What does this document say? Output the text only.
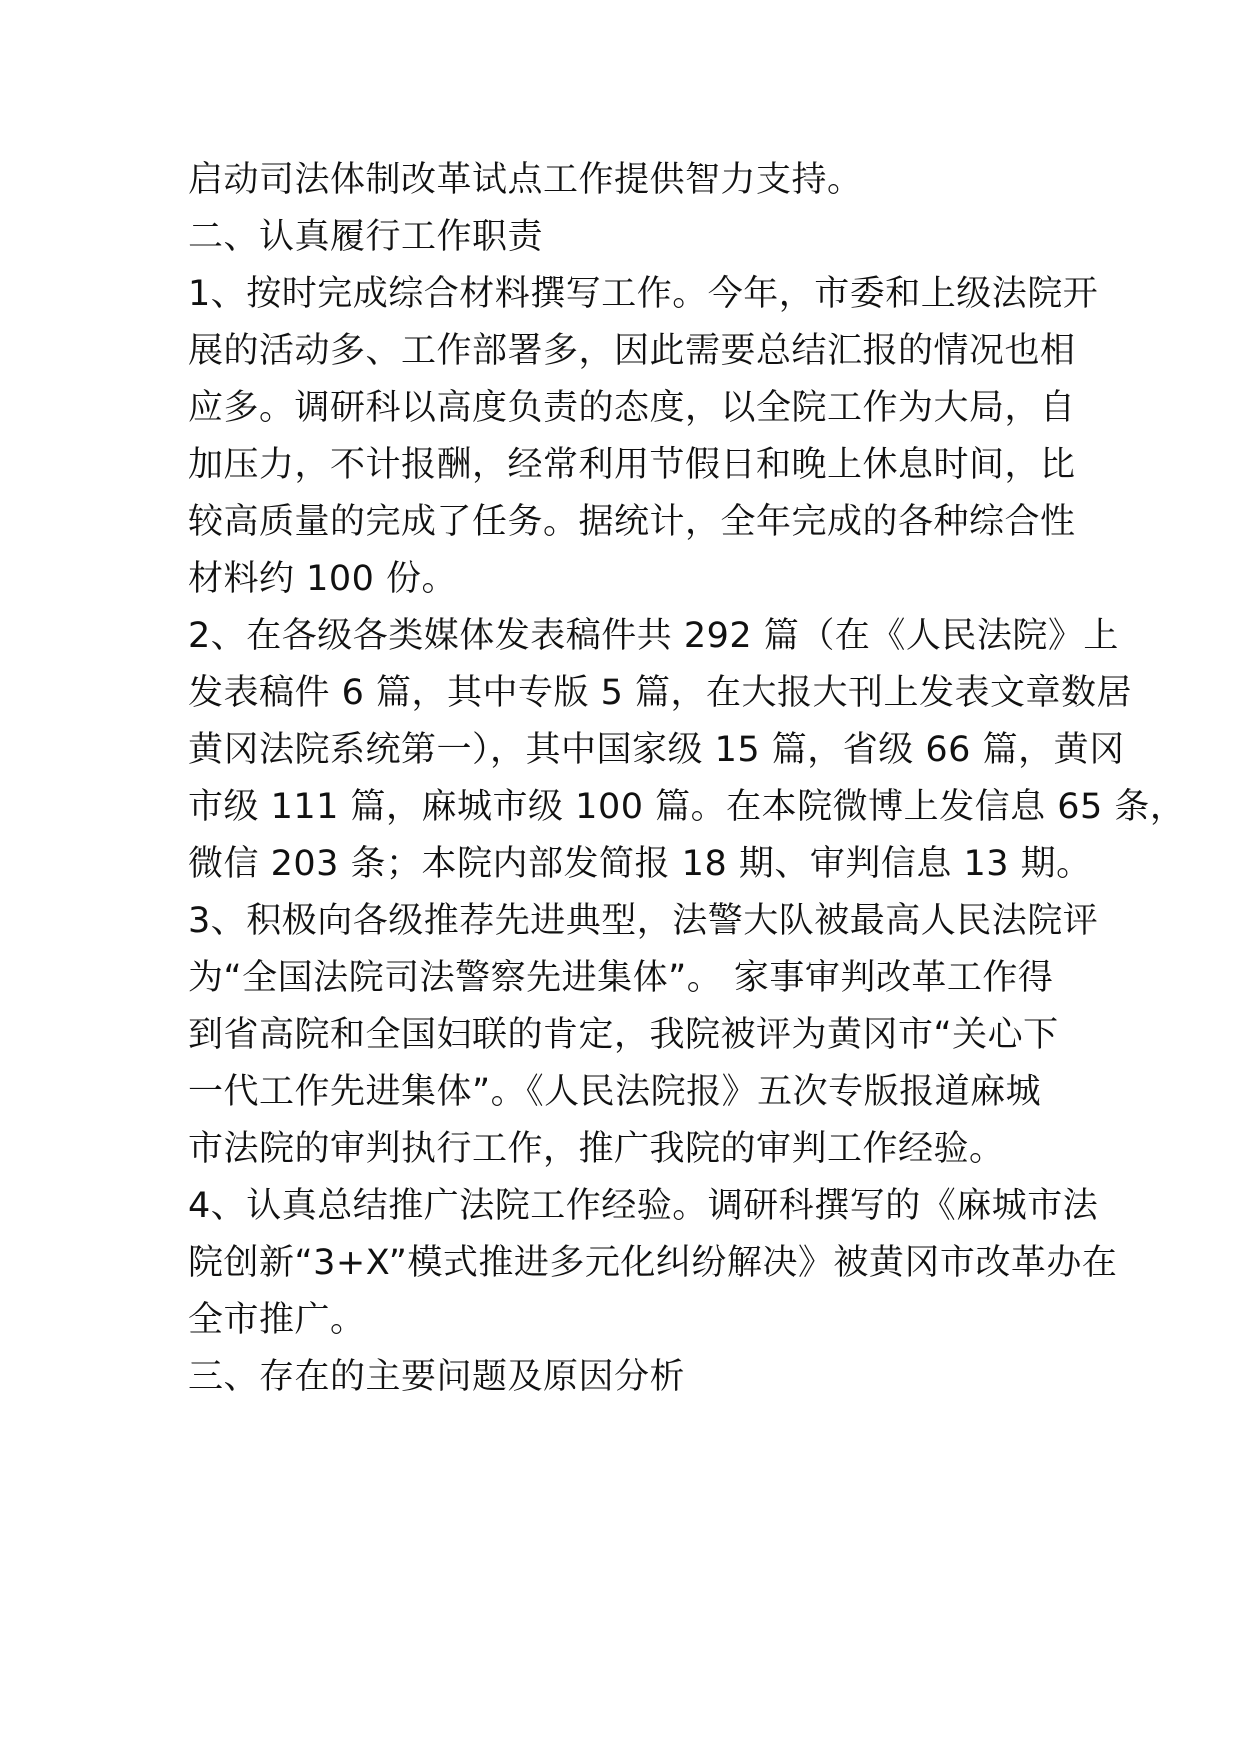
启动司法体制改革试点工作提供智力支持。
二、认真履行工作职责
1、按时完成综合材料撰写工作。今年，市委和上级法院开
展的活动多、工作部署多，因此需要总结汇报的情况也相
应多。调研科以高度负责的态度，以全院工作为大局，自
加压力，不计报酬，经常利用节假日和晚上休息时间，比
较高质量的完成了任务。据统计，全年完成的各种综合性
材料约 100 份。
2、在各级各类媒体发表稿件共 292 篇（在《人民法院》上
发表稿件 6 篇，其中专版 5 篇，在大报大刊上发表文章数居
黄冈法院系统第一），其中国家级 15 篇，省级 66 篇，黄冈
市级 111 篇，麻城市级 100 篇。在本院微博上发信息 65 条，
微信 203 条；本院内部发简报 18 期、审判信息 13 期。
3、积极向各级推荐先进典型，法警大队被最高人民法院评
为“全国法院司法警察先进集体”。 家事审判改革工作得
到省高院和全国妇联的肯定，我院被评为黄冈市“关心下
一代工作先进集体”。《人民法院报》五次专版报道麻城
市法院的审判执行工作，推广我院的审判工作经验。
4、认真总结推广法院工作经验。调研科撰写的《麻城市法
院创新“3+X”模式推进多元化纠纷解决》被黄冈市改革办在
全市推广。
三、存在的主要问题及原因分析
